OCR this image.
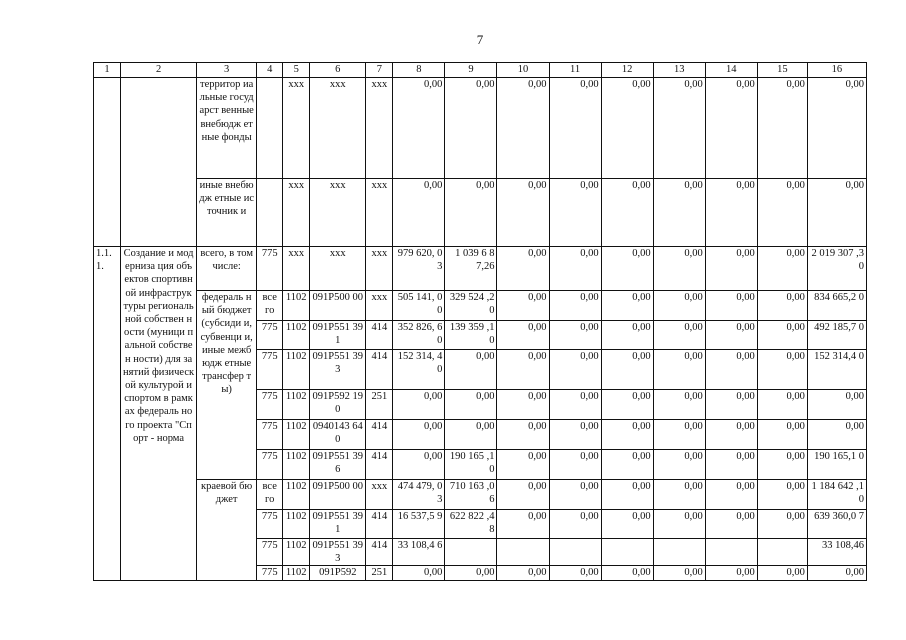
7
1	2	3	4	5	6	7	8	9	10	11	12	13	14	15	16
		территор иальные государст венные внебюдж етные фонды		xxx	xxx	xxx	0,00	0,00	0,00	0,00	0,00	0,00	0,00	0,00	0,00
		иные внебюдж етные источник и		xxx	xxx	xxx	0,00	0,00	0,00	0,00	0,00	0,00	0,00	0,00	0,00
1.1. 1.	Создание и модерниза ция объектов спортивной инфраструк туры региональ ной собствен ности (муници пальной собствен ности) для занятий физической культурой и спортом в рамках федераль ного проекта "Спорт - норма	всего, в том числе:	775	xxx	xxx	xxx	979 620, 03	1 039 6 87,26	0,00	0,00	0,00	0,00	0,00	0,00	2 019 307 ,30
		федераль ный бюджет (субсиди и, субвенци и, иные межбюдж етные трансфер ты)	все го	1102	091P500 00	xxx	505 141, 00	329 524 ,20	0,00	0,00	0,00	0,00	0,00	0,00	834 665,2 0
			775	1102	091P551 391	414	352 826, 60	139 359 ,10	0,00	0,00	0,00	0,00	0,00	0,00	492 185,7 0
			775	1102	091P551 393	414	152 314, 40	0,00	0,00	0,00	0,00	0,00	0,00	0,00	152 314,4 0
			775	1102	091P592 190	251	0,00	0,00	0,00	0,00	0,00	0,00	0,00	0,00	0,00
			775	1102	0940143 640	414	0,00	0,00	0,00	0,00	0,00	0,00	0,00	0,00	0,00
			775	1102	091P551 396	414	0,00	190 165 ,10	0,00	0,00	0,00	0,00	0,00	0,00	190 165,1 0
		краевой бюджет	все го	1102	091P500 00	xxx	474 479, 03	710 163 ,06	0,00	0,00	0,00	0,00	0,00	0,00	1 184 642 ,10
			775	1102	091P551 391	414	16 537,5 9	622 822 ,48	0,00	0,00	0,00	0,00	0,00	0,00	639 360,0 7
			775	1102	091P551 393	414	33 108,4 6								33 108,46
			775	1102	091P592	251	0,00	0,00	0,00	0,00	0,00	0,00	0,00	0,00	0,00
